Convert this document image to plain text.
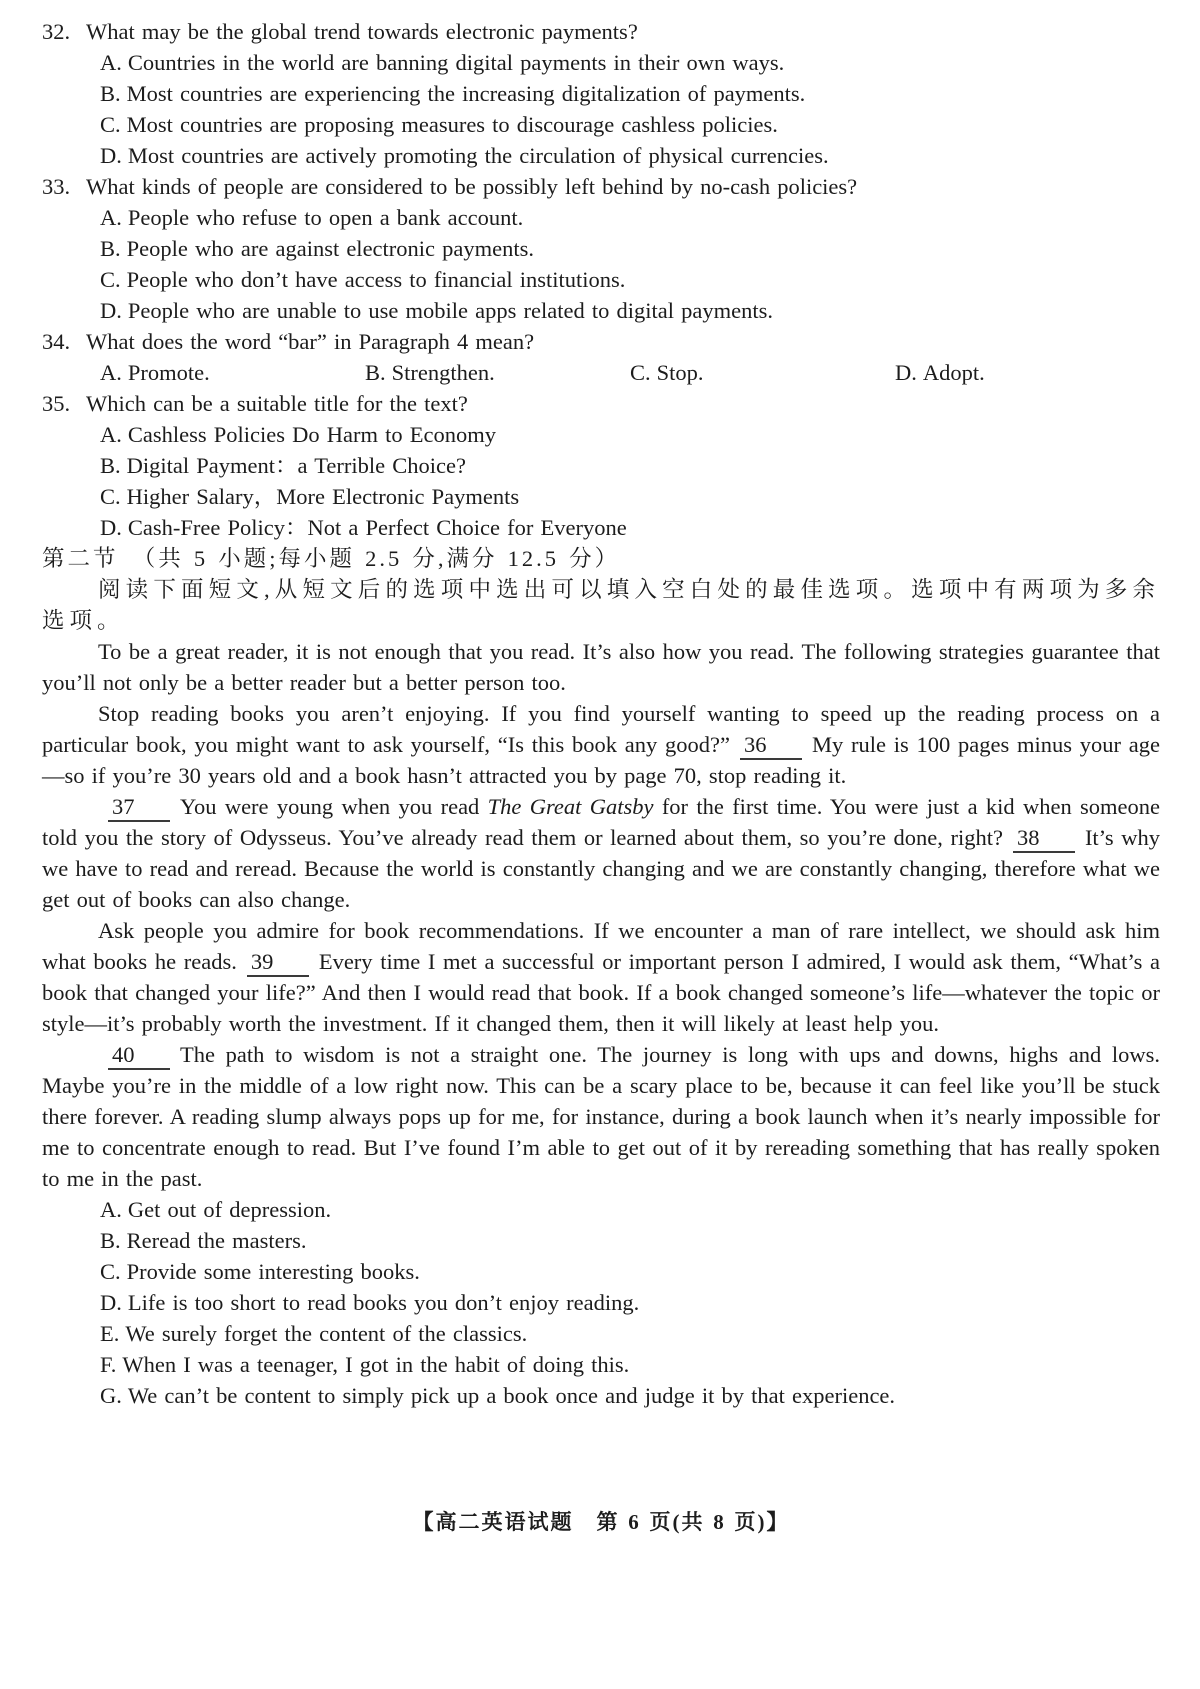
32. What may be the global trend towards electronic payments?
A. Countries in the world are banning digital payments in their own ways.
B. Most countries are experiencing the increasing digitalization of payments.
C. Most countries are proposing measures to discourage cashless policies.
D. Most countries are actively promoting the circulation of physical currencies.
33. What kinds of people are considered to be possibly left behind by no-cash policies?
A. People who refuse to open a bank account.
B. People who are against electronic payments.
C. People who don’t have access to financial institutions.
D. People who are unable to use mobile apps related to digital payments.
34. What does the word “bar” in Paragraph 4 mean?
A. Promote.	B. Strengthen.	C. Stop.	D. Adopt.
35. Which can be a suitable title for the text?
A. Cashless Policies Do Harm to Economy
B. Digital Payment：a Terrible Choice?
C. Higher Salary，More Electronic Payments
D. Cash-Free Policy：Not a Perfect Choice for Everyone
第二节　（共 5 小题;每小题 2.5 分,满分 12.5 分）

阅读下面短文,从短文后的选项中选出可以填入空白处的最佳选项。选项中有两项为多余选项。

To be a great reader, it is not enough that you read. It’s also how you read. The following strategies guarantee that you’ll not only be a better reader but a better person too.

Stop reading books you aren’t enjoying. If you find yourself wanting to speed up the reading process on a particular book, you might want to ask yourself, “Is this book any good?” 36 My rule is 100 pages minus your age—so if you’re 30 years old and a book hasn’t attracted you by page 70, stop reading it.

37 You were young when you read The Great Gatsby for the first time. You were just a kid when someone told you the story of Odysseus. You’ve already read them or learned about them, so you’re done, right? 38 It’s why we have to read and reread. Because the world is constantly changing and we are constantly changing, therefore what we get out of books can also change.

Ask people you admire for book recommendations. If we encounter a man of rare intellect, we should ask him what books he reads. 39 Every time I met a successful or important person I admired, I would ask them, “What’s a book that changed your life?” And then I would read that book. If a book changed someone’s life—whatever the topic or style—it’s probably worth the investment. If it changed them, then it will likely at least help you.

40 The path to wisdom is not a straight one. The journey is long with ups and downs, highs and lows. Maybe you’re in the middle of a low right now. This can be a scary place to be, because it can feel like you’ll be stuck there forever. A reading slump always pops up for me, for instance, during a book launch when it’s nearly impossible for me to concentrate enough to read. But I’ve found I’m able to get out of it by rereading something that has really spoken to me in the past.

A. Get out of depression.
B. Reread the masters.
C. Provide some interesting books.
D. Life is too short to read books you don’t enjoy reading.
E. We surely forget the content of the classics.
F. When I was a teenager, I got in the habit of doing this.
G. We can’t be content to simply pick up a book once and judge it by that experience.
【高二英语试题　第 6 页(共 8 页)】
